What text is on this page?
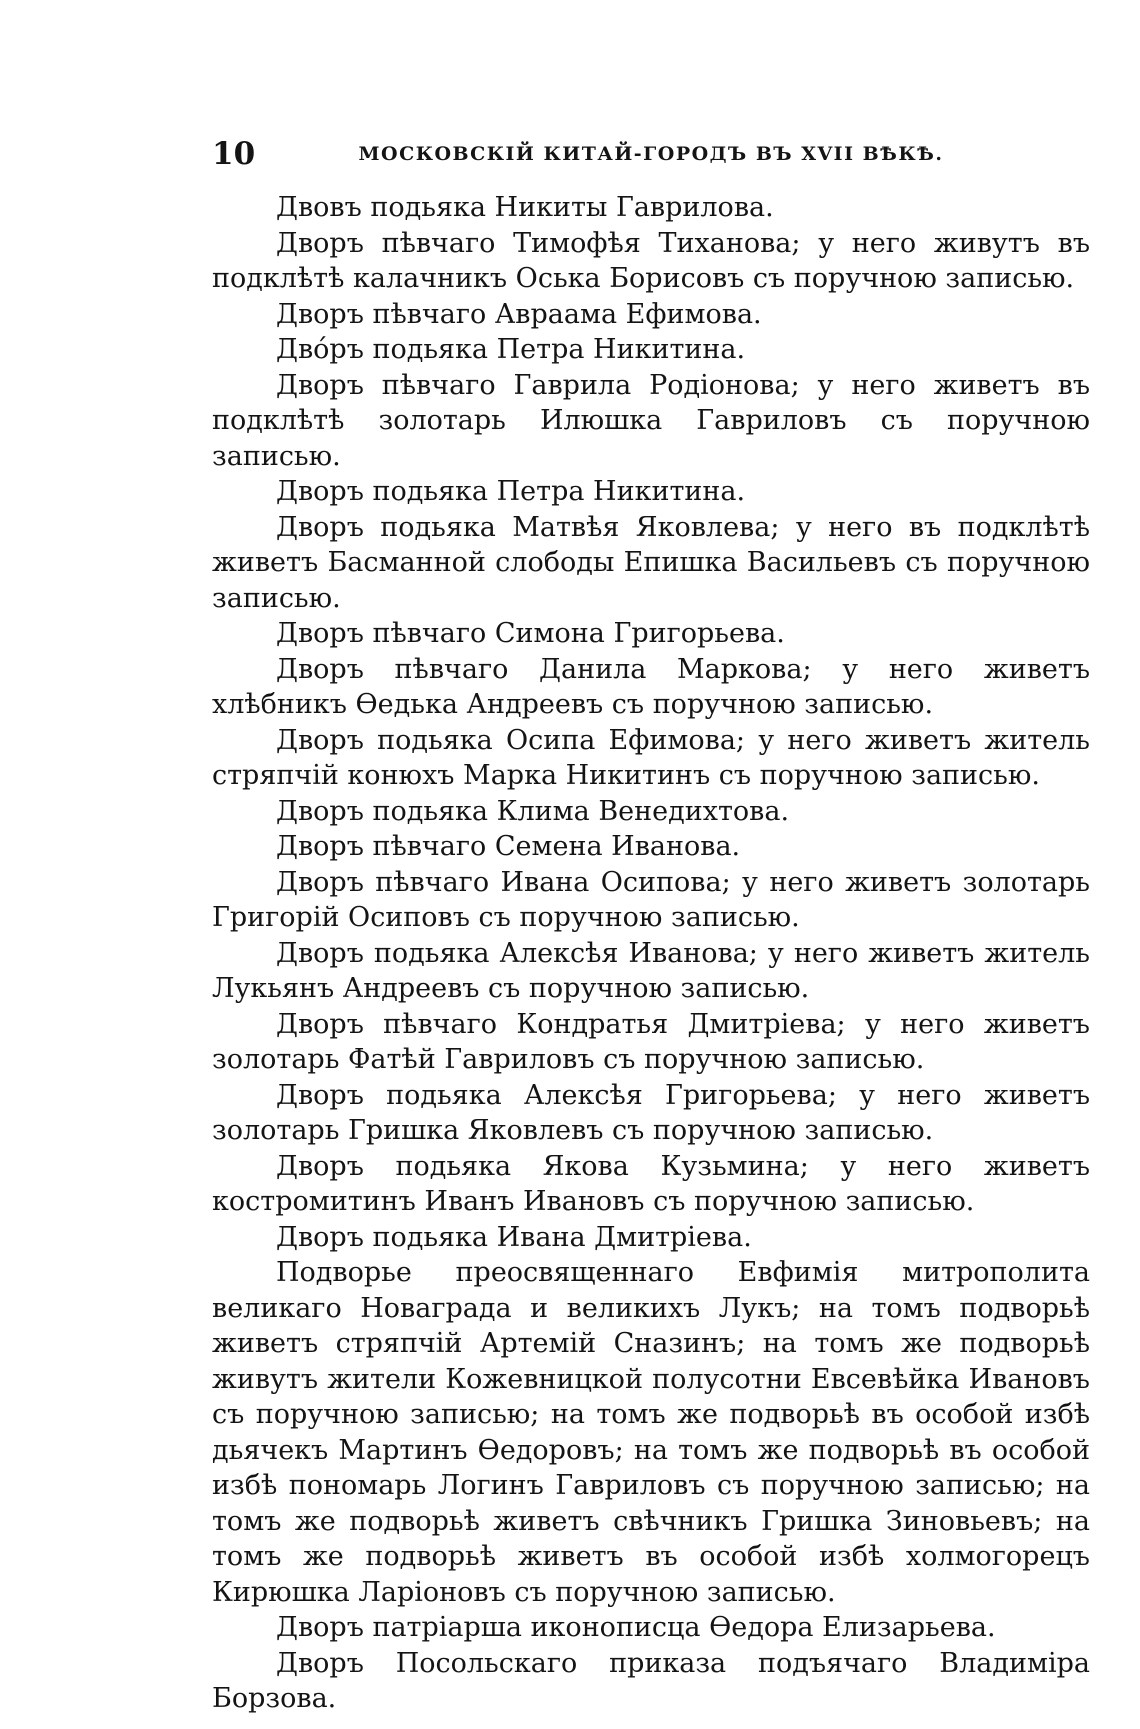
10	МОСКОВСКІЙ КИТАЙ-ГОРОДЪ ВЪ XVII ВѢКѢ.

Двовъ подьяка Никиты Гаврилова.

Дворъ пѣвчаго Тимофѣя Тиханова; у него живутъ въ подклѣтѣ калачникъ Оська Борисовъ съ поручною записью.

Дворъ пѣвчаго Авраама Ефимова.

Двóръ подьяка Петра Никитина.

Дворъ пѣвчаго Гаврила Родіонова; у него живетъ въ подклѣтѣ золотарь Илюшка Гавриловъ съ поручною записью.

Дворъ подьяка Петра Никитина.

Дворъ подьяка Матвѣя Яковлева; у него въ подклѣтѣ живетъ Басманной слободы Епишка Васильевъ съ поручною записью.

Дворъ пѣвчаго Симона Григорьева.

Дворъ пѣвчаго Данила Маркова; у него живетъ хлѣбникъ Өедька Андреевъ съ поручною записью.

Дворъ подьяка Осипа Ефимова; у него живетъ житель стряпчій конюхъ Марка Никитинъ съ поручною записью.

Дворъ подьяка Клима Венедихтова.

Дворъ пѣвчаго Семена Иванова.

Дворъ пѣвчаго Ивана Осипова; у него живетъ золотарь Григорій Осиповъ съ поручною записью.

Дворъ подьяка Алексѣя Иванова; у него живетъ житель Лукьянъ Андреевъ съ поручною записью.

Дворъ пѣвчаго Кондратья Дмитріева; у него живетъ золотарь Фатѣй Гавриловъ съ поручною записью.

Дворъ подьяка Алексѣя Григорьева; у него живетъ золотарь Гришка Яковлевъ съ поручною записью.

Дворъ подьяка Якова Кузьмина; у него живетъ костромитинъ Иванъ Ивановъ съ поручною записью.

Дворъ подьяка Ивана Дмитріева.

Подворье преосвященнаго Евфимія митрополита великаго Новаграда и великихъ Лукъ; на томъ подворьѣ живетъ стряпчій Артемій Сназинъ; на томъ же подворьѣ живутъ жители Кожевницкой полусотни Евсевѣйка Ивановъ съ поручною записью; на томъ же подворьѣ въ особой избѣ дьячекъ Мартинъ Өедоровъ; на томъ же подворьѣ въ особой избѣ пономарь Логинъ Гавриловъ съ поручною записью; на томъ же подворьѣ живетъ свѣчникъ Гришка Зиновьевъ; на томъ же подворьѣ живетъ въ особой избѣ холмогорецъ Кирюшка Ларіоновъ съ поручною записью.

Дворъ патріарша иконописца Өедора Елизарьева.

Дворъ Посольскаго приказа подъячаго Владиміра Борзова.
